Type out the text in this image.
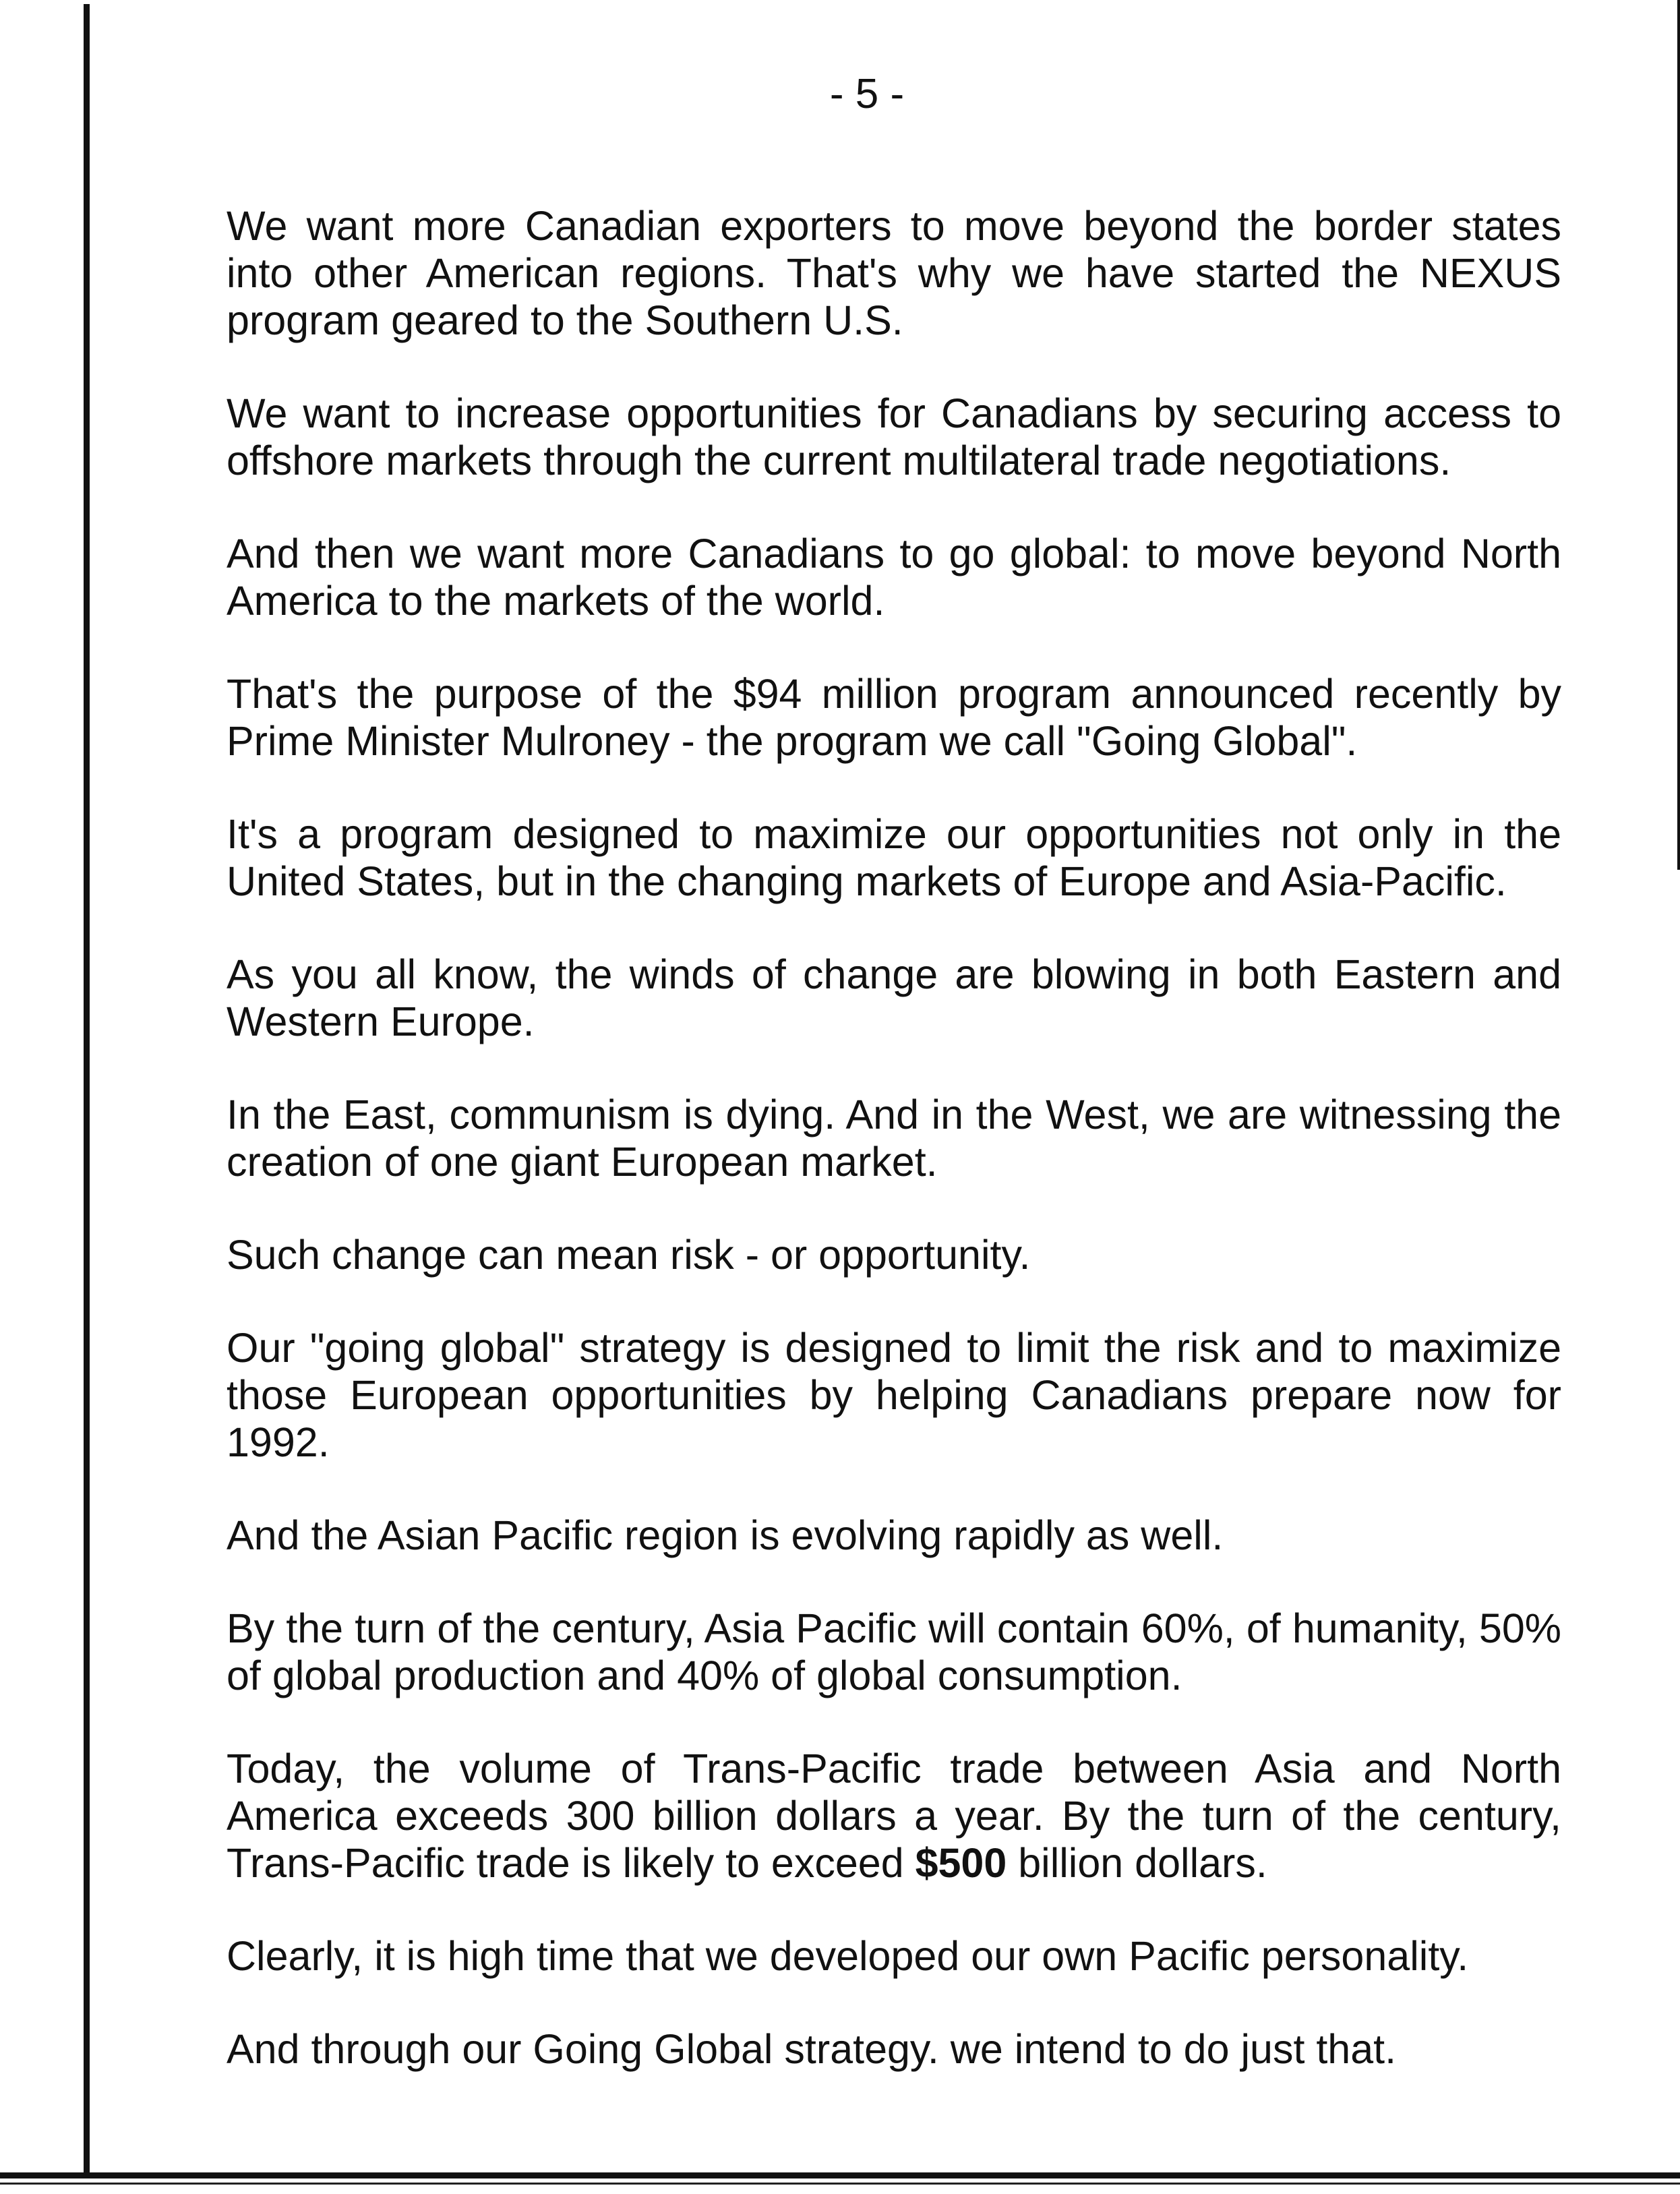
- 5 -

We want more Canadian exporters to move beyond the border states into other American regions. That's why we have started the NEXUS program geared to the Southern U.S.

We want to increase opportunities for Canadians by securing access to offshore markets through the current multilateral trade negotiations.

And then we want more Canadians to go global: to move beyond North America to the markets of the world.

That's the purpose of the $94 million program announced recently by Prime Minister Mulroney - the program we call "Going Global".

It's a program designed to maximize our opportunities not only in the United States, but in the changing markets of Europe and Asia-Pacific.

As you all know, the winds of change are blowing in both Eastern and Western Europe.

In the East, communism is dying. And in the West, we are witnessing the creation of one giant European market.

Such change can mean risk - or opportunity.

Our "going global" strategy is designed to limit the risk and to maximize those European opportunities by helping Canadians prepare now for 1992.

And the Asian Pacific region is evolving rapidly as well.

By the turn of the century, Asia Pacific will contain 60%, of humanity, 50% of global production and 40% of global consumption.

Today, the volume of Trans-Pacific trade between Asia and North America exceeds 300 billion dollars a year. By the turn of the century, Trans-Pacific trade is likely to exceed $500 billion dollars.

Clearly, it is high time that we developed our own Pacific personality.

And through our Going Global strategy. we intend to do just that.
